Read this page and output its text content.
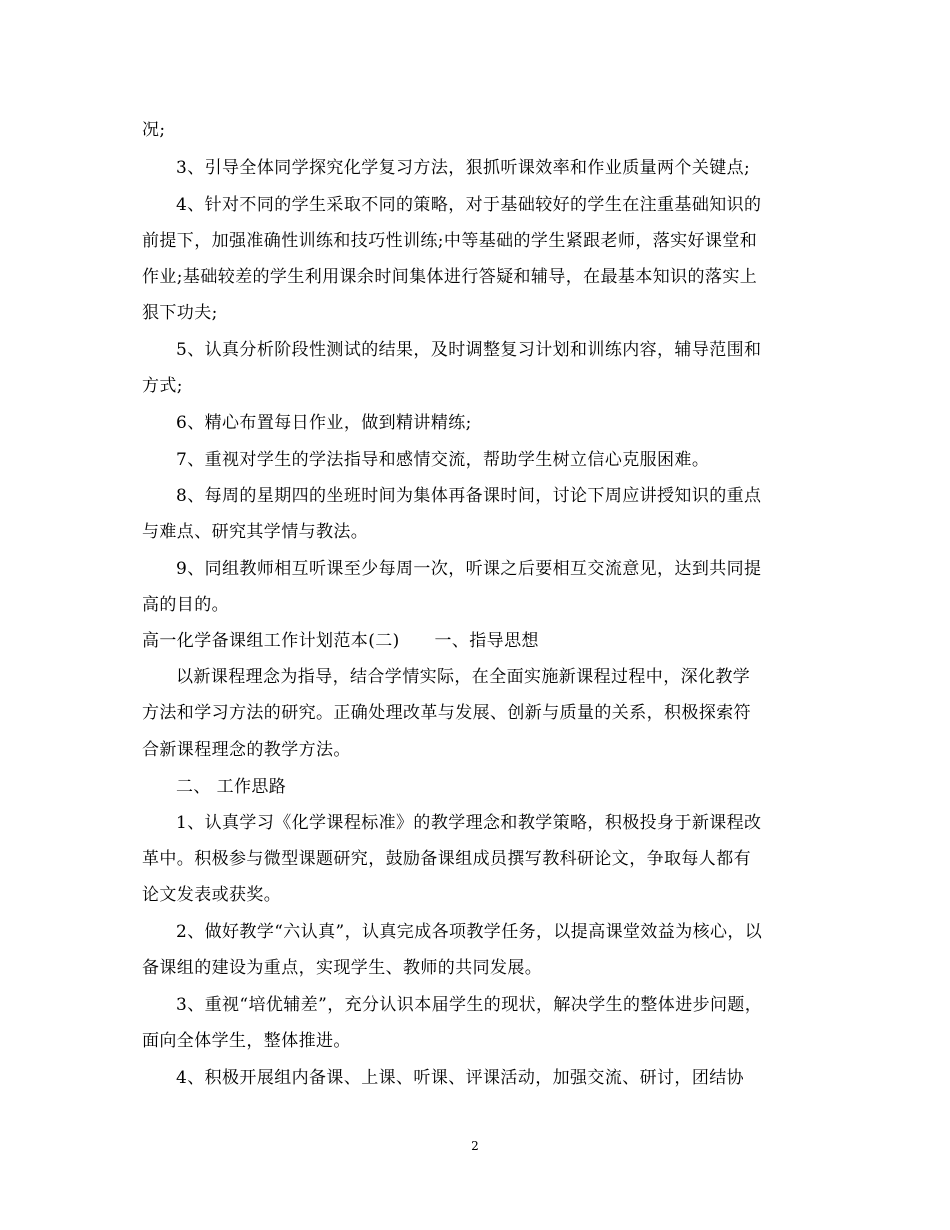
况;
3、引导全体同学探究化学复习方法，狠抓听课效率和作业质量两个关键点;
4、针对不同的学生采取不同的策略，对于基础较好的学生在注重基础知识的
前提下，加强准确性训练和技巧性训练;中等基础的学生紧跟老师，落实好课堂和
作业;基础较差的学生利用课余时间集体进行答疑和辅导，在最基本知识的落实上
狠下功夫;
5、认真分析阶段性测试的结果，及时调整复习计划和训练内容，辅导范围和
方式;
6、精心布置每日作业，做到精讲精练;
7、重视对学生的学法指导和感情交流，帮助学生树立信心克服困难。
8、每周的星期四的坐班时间为集体再备课时间，讨论下周应讲授知识的重点
与难点、研究其学情与教法。
9、同组教师相互听课至少每周一次，听课之后要相互交流意见，达到共同提
高的目的。
高一化学备课组工作计划范本(二)　　一、指导思想
以新课程理念为指导，结合学情实际，在全面实施新课程过程中，深化教学
方法和学习方法的研究。正确处理改革与发展、创新与质量的关系，积极探索符
合新课程理念的教学方法。
二、 工作思路
1、认真学习《化学课程标准》的教学理念和教学策略，积极投身于新课程改
革中。积极参与微型课题研究，鼓励备课组成员撰写教科研论文，争取每人都有
论文发表或获奖。
2、做好教学“六认真”，认真完成各项教学任务，以提高课堂效益为核心，以
备课组的建设为重点，实现学生、教师的共同发展。
3、重视“培优辅差”，充分认识本届学生的现状，解决学生的整体进步问题，
面向全体学生，整体推进。
4、积极开展组内备课、上课、听课、评课活动，加强交流、研讨，团结协
2
